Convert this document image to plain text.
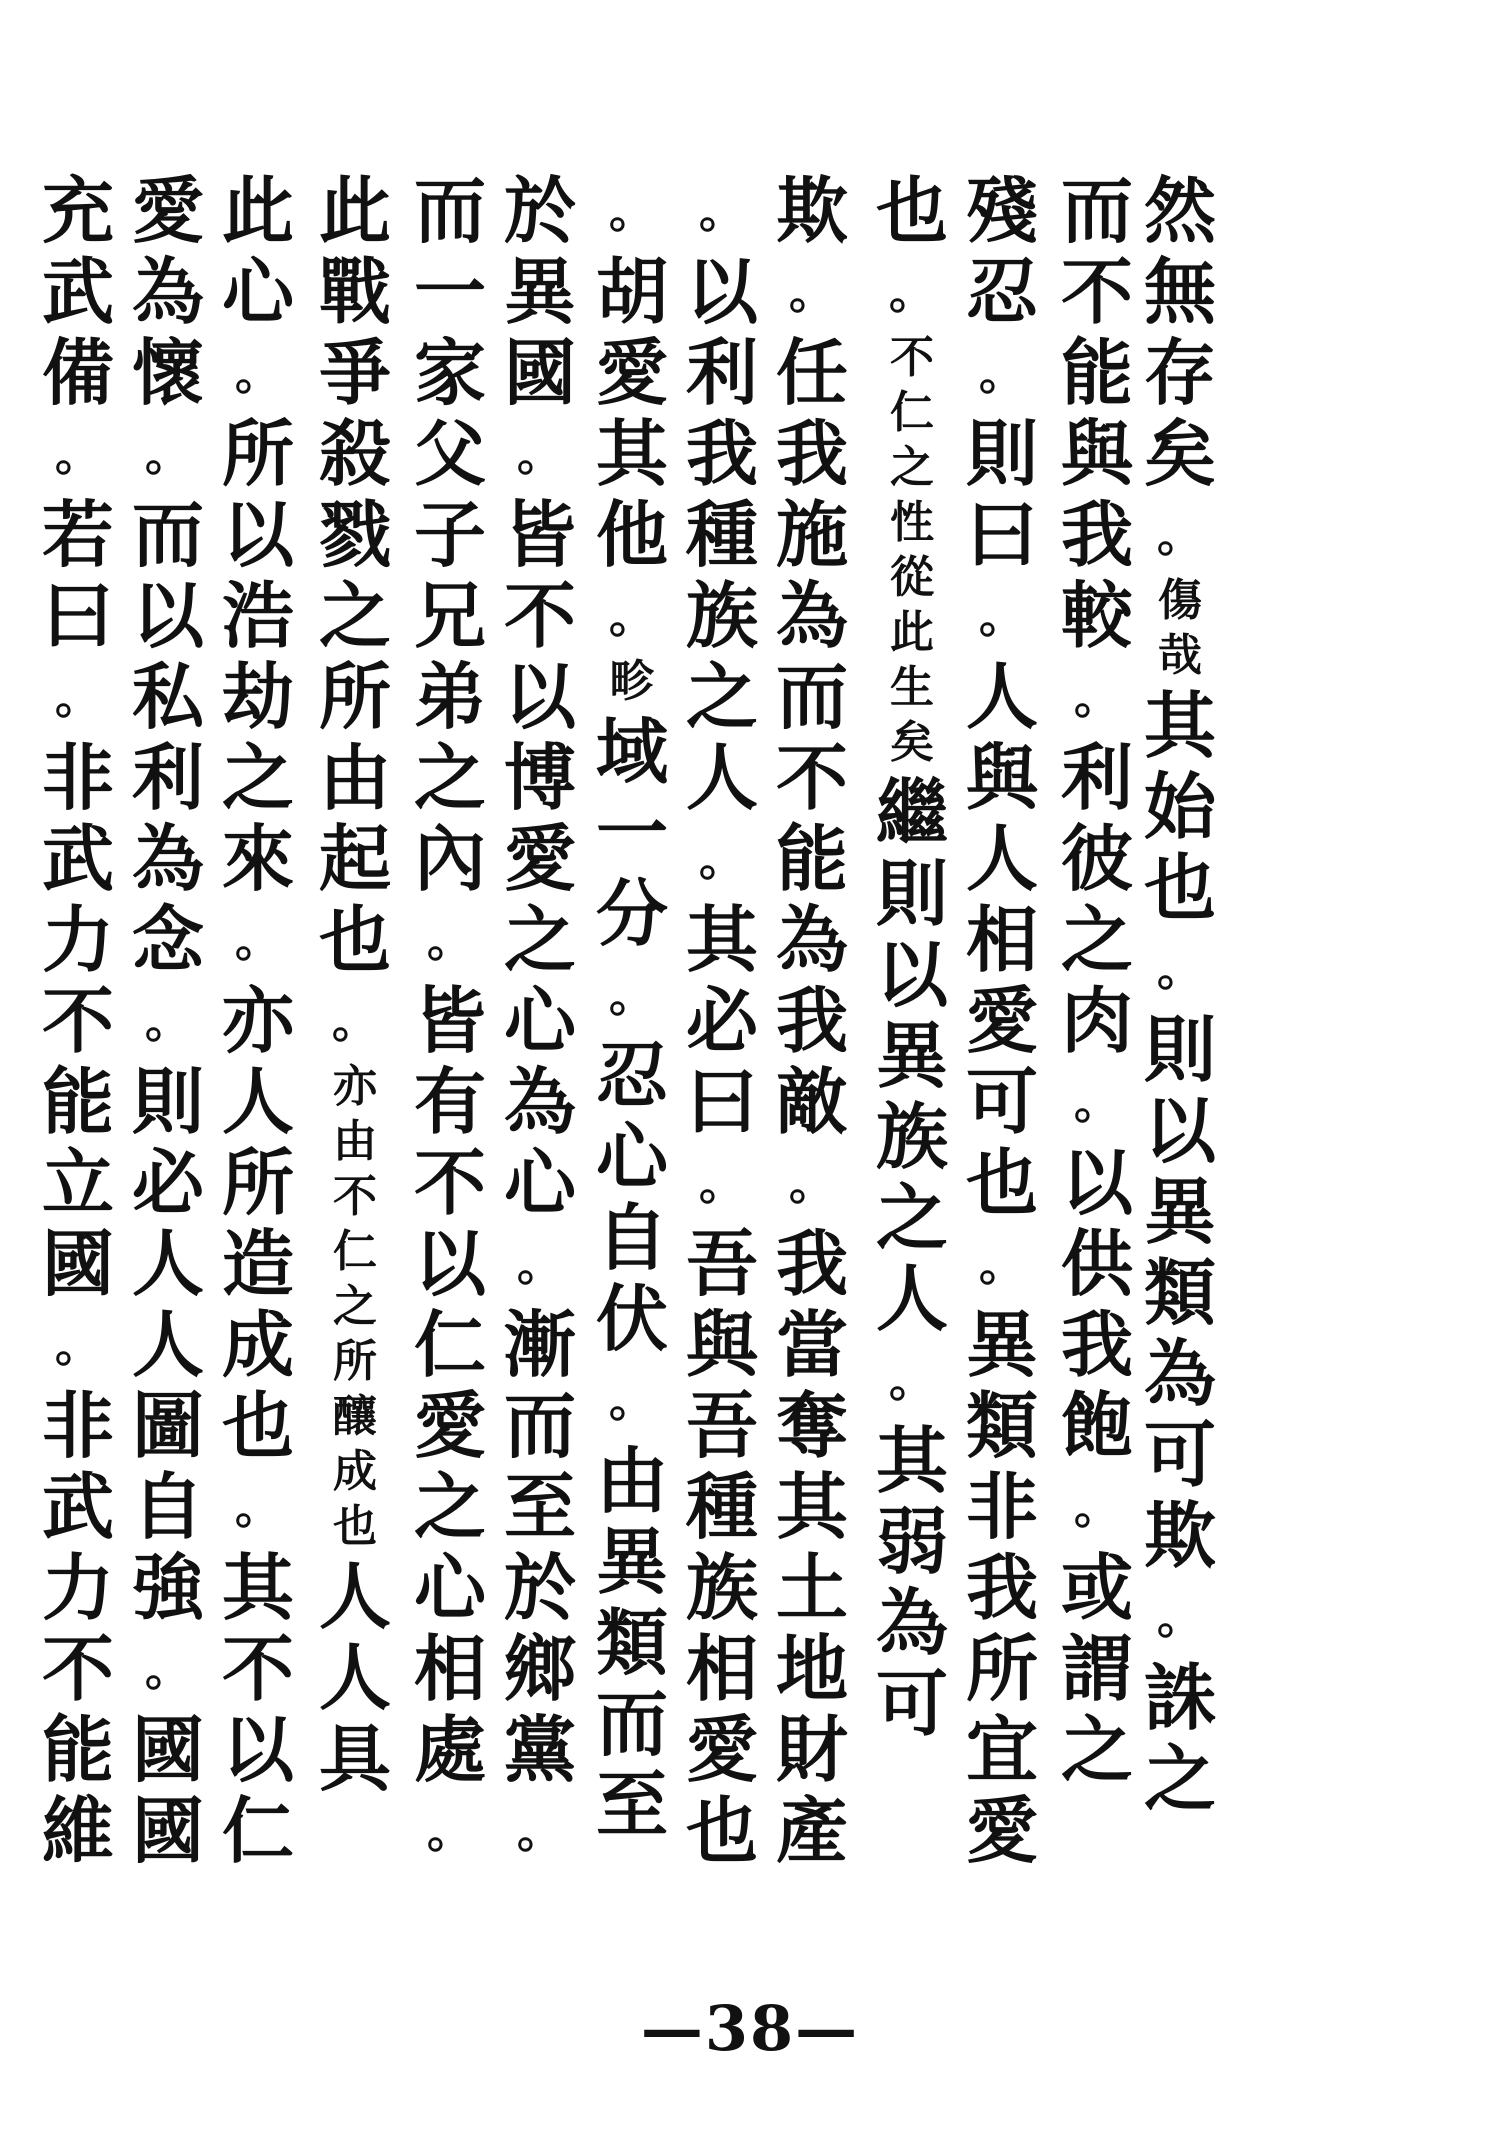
然
無
存
矣
。
傷
哉
其
始
也
。
則
以
異
類
為
可
欺
。
誅
之
而
不
能
與
我
較
。
利
彼
之
肉
。
以
供
我
飽
。
或
謂
之
殘
忍
。
則
曰
。
人
與
人
相
愛
可
也
。
異
類
非
我
所
宜
愛
也
。
不
仁
之
性
從
此
生
矣
繼
則
以
異
族
之
人
。
其
弱
為
可
欺
。
任
我
施
為
而
不
能
為
我
敵
。
我
當
奪
其
土
地
財
產
。
以
利
我
種
族
之
人
。
其
必
曰
。
吾
與
吾
種
族
相
愛
也
。
胡
愛
其
他
。
畛
域
一
分
。
忍
心
自
伏
。
由
異
類
而
至
於
異
國
。
皆
不
以
博
愛
之
心
為
心
。
漸
而
至
於
鄉
黨
。
而
一
家
父
子
兄
弟
之
內
。
皆
有
不
以
仁
愛
之
心
相
處
。
此
戰
爭
殺
戮
之
所
由
起
也
。
亦
由
不
仁
之
所
釀
成
也
人
人
具
此
心
。
所
以
浩
劫
之
來
。
亦
人
所
造
成
也
。
其
不
以
仁
愛
為
懷
。
而
以
私
利
為
念
。
則
必
人
人
圖
自
強
。
國
國
充
武
備
。
若
曰
。
非
武
力
不
能
立
國
。
非
武
力
不
能
維
—38—
